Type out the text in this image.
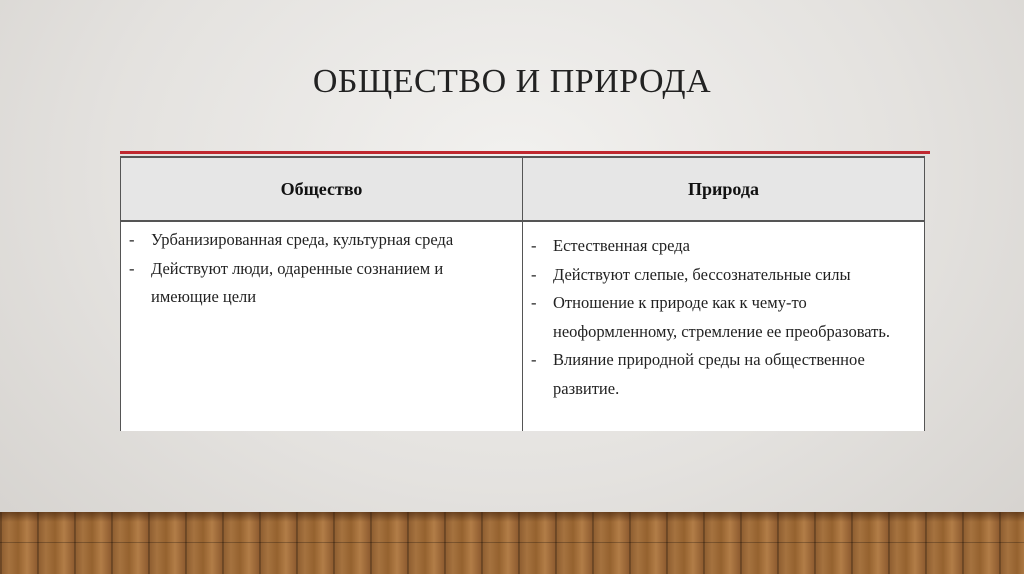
ОБЩЕСТВО И ПРИРОДА
Общество	Природа
- Урбанизированная среда, культурная среда
- Действуют люди, одаренные сознанием и имеющие цели
- Естественная среда
- Действуют слепые, бессознательные силы
- Отношение к природе как к чему-то неоформленному, стремление ее преобразовать.
- Влияние природной среды на общественное развитие.
